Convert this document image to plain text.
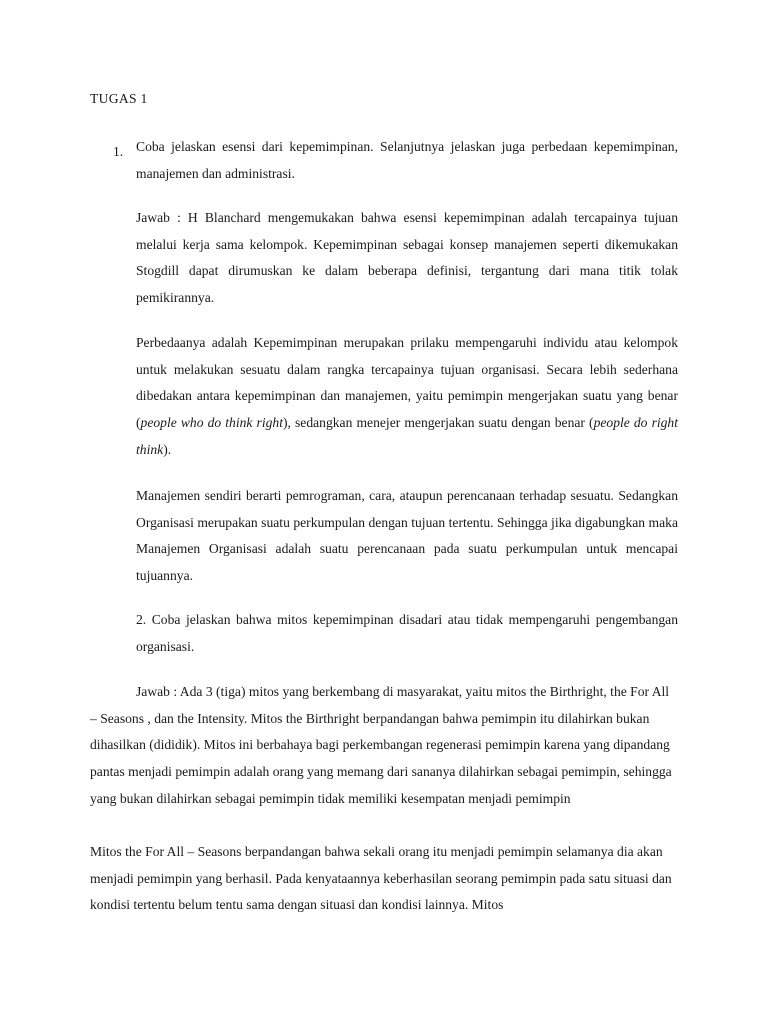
TUGAS 1
1. Coba jelaskan esensi dari kepemimpinan. Selanjutnya jelaskan juga perbedaan kepemimpinan, manajemen dan administrasi.

Jawab : H Blanchard mengemukakan bahwa esensi kepemimpinan adalah tercapainya tujuan melalui kerja sama kelompok. Kepemimpinan sebagai konsep manajemen seperti dikemukakan Stogdill dapat dirumuskan ke dalam beberapa definisi, tergantung dari mana titik tolak pemikirannya.

Perbedaanya adalah Kepemimpinan merupakan prilaku mempengaruhi individu atau kelompok untuk melakukan sesuatu dalam rangka tercapainya tujuan organisasi. Secara lebih sederhana dibedakan antara kepemimpinan dan manajemen, yaitu pemimpin mengerjakan suatu yang benar (people who do think right), sedangkan menejer mengerjakan suatu dengan benar (people do right think).

Manajemen sendiri berarti pemrograman, cara, ataupun perencanaan terhadap sesuatu. Sedangkan Organisasi merupakan suatu perkumpulan dengan tujuan tertentu. Sehingga jika digabungkan maka Manajemen Organisasi adalah suatu perencanaan pada suatu perkumpulan untuk mencapai tujuannya.

2. Coba jelaskan bahwa mitos kepemimpinan disadari atau tidak mempengaruhi pengembangan organisasi.

Jawab : Ada 3 (tiga) mitos yang berkembang di masyarakat, yaitu mitos the Birthright, the For All – Seasons , dan the Intensity. Mitos the Birthright berpandangan bahwa pemimpin itu dilahirkan bukan dihasilkan (dididik). Mitos ini berbahaya bagi perkembangan regenerasi pemimpin karena yang dipandang pantas menjadi pemimpin adalah orang yang memang dari sananya dilahirkan sebagai pemimpin, sehingga yang bukan dilahirkan sebagai pemimpin tidak memiliki kesempatan menjadi pemimpin

Mitos the For All – Seasons berpandangan bahwa sekali orang itu menjadi pemimpin selamanya dia akan menjadi pemimpin yang berhasil. Pada kenyataannya keberhasilan seorang pemimpin pada satu situasi dan kondisi tertentu belum tentu sama dengan situasi dan kondisi lainnya. Mitos
